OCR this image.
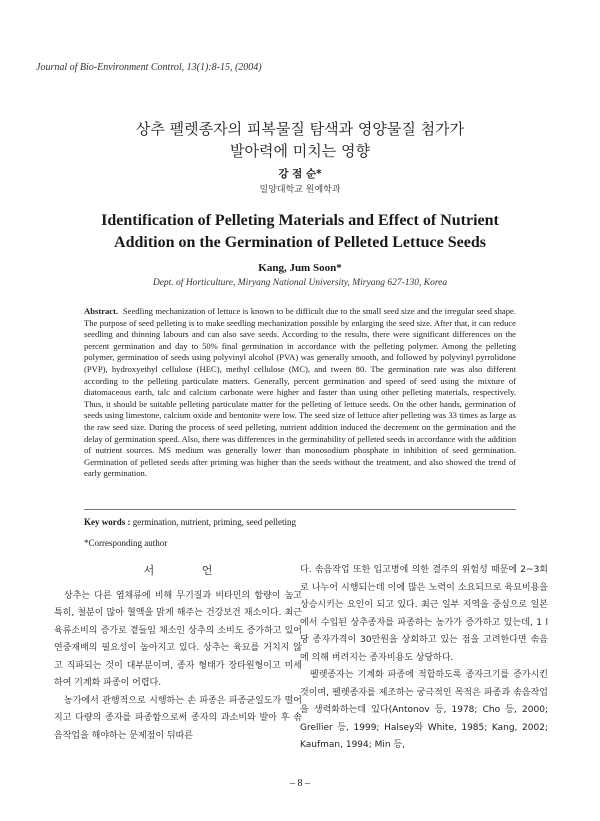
Journal of Bio-Environment Control, 13(1):8-15, (2004)
상추 펠렛종자의 피복물질 탐색과 영양물질 첨가가
발아력에 미치는 영향
강 점 순*
밀양대학교 원예학과
Identification of Pelleting Materials and Effect of Nutrient
Addition on the Germination of Pelleted Lettuce Seeds
Kang, Jum Soon*
Dept. of Horticulture, Miryang National University, Miryang 627-130, Korea
Abstract. Seedling mechanization of lettuce is known to be difficult due to the small seed size and the irregular seed shape. The purpose of seed pelleting is to make seedling mechanization possible by enlarging the seed size. After that, it can reduce seedling and thinning labours and can also save seeds. According to the results, there were significant differences on the percent germination and day to 50% final germination in accordance with the pelleting polymer. Among the pelleting polymer, germination of seeds using polyvinyl alcohol (PVA) was generally smooth, and followed by polyvinyl pyrrolidone (PVP), hydroxyethyl cellulose (HEC), methyl cellulose (MC), and tween 80. The germination rate was also different according to the pelleting particulate matters. Generally, percent germination and speed of seed using the mixture of diatomaceous earth, talc and calcium carbonate were higher and faster than using other pelleting materials, respectively. Thus, it should be suitable pelleting particulate matter for the pelleting of lettuce seeds. On the other hands, germination of seeds using limestone, calcium oxide and bentonite were low. The seed size of lettuce after pelleting was 33 times as large as the raw seed size. During the process of seed pelleting, nutrient addition induced the decrement on the germination and the delay of germination speed. Also, there was differences in the germinability of pelleted seeds in accordance with the addition of nutrient sources. MS medium was generally lower than monosodium phosphate in inhibition of seed germination. Germination of pelleted seeds after priming was higher than the seeds without the treatment, and also showed the trend of early germination.
Key words : germination, nutrient, priming, seed pelleting
*Corresponding author
서 언

상추는 다른 엽채류에 비해 무기질과 비타민의 함량이 높고 특히, 철분이 많아 혈액을 맑게 해주는 건강보건 채소이다. 최근 육류소비의 증가로 곁들임 채소인 상추의 소비도 증가하고 있어 연중재배의 필요성이 높아지고 있다. 상추는 육묘를 거치지 않고 직파되는 것이 대부분이며, 종자 형태가 장타원형이고 미세하여 기계화 파종이 어렵다.

농가에서 관행적으로 시행하는 손 파종은 파종균일도가 떨어지고 다량의 종자를 파종함으로써 종자의 과소비와 발아 후 솎음작업을 해야하는 문제점이 뒤따른

다. 솎음작업 또한 입고병에 의한 결주의 위험성 때문에 2~3회로 나누어 시행되는데 이에 많은 노력이 소요되므로 육묘비용을 상승시키는 요인이 되고 있다. 최근 일부 지역을 중심으로 일본에서 수입된 상추종자를 파종하는 농가가 증가하고 있는데, 1 l 당 종자가격이 30만원을 상회하고 있는 점을 고려한다면 솎음에 의해 버려지는 종자비용도 상당하다.

펠렛종자는 기계화 파종에 적합하도록 종자크기를 증가시킨 것이며, 펠렛종자를 제조하는 궁극적인 목적은 파종과 솎음작업을 생력화하는데 있다(Antonov 등, 1978; Cho 등, 2000; Grellier 등, 1999; Halsey와 White, 1985; Kang, 2002; Kaufman, 1994; Min 등,

– 8 –
